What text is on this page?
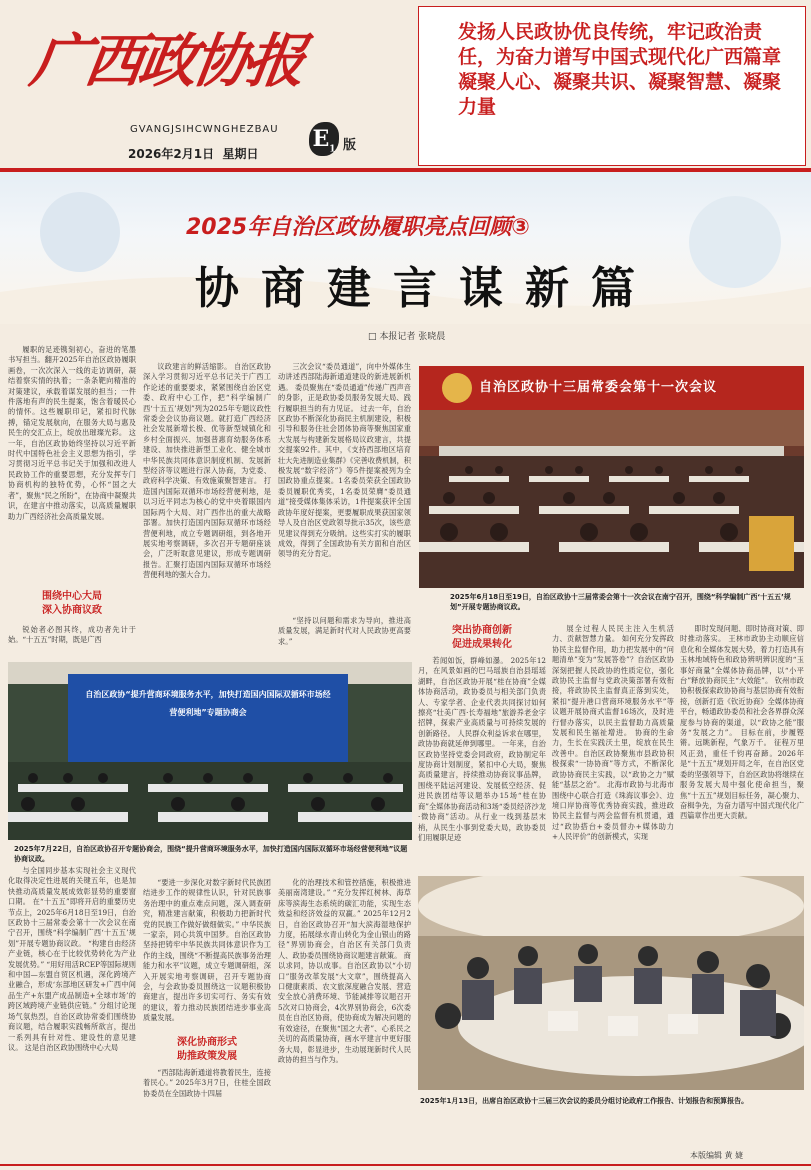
广西政协报
GVANGJSIHCWNGHEZBAU $E_1$ 版
2026年2月1日 星期日
发扬人民政协优良传统，牢记政治责任，为奋力谱写中国式现代化广西篇章凝聚人心、凝聚共识、凝聚智慧、凝聚力量
2025年自治区政协履职亮点回顾③
协商建言谋新篇
□ 本报记者 张晓晨

履职的足迹镌刻初心，奋进的笔墨书写担当。翻开2025年自治区政协履职画卷，一次次深入一线的走访调研，凝结着察实情的执着；一条条靶向精准的对策建议，承载着谋发展的担当；一件件落地有声的民生提案，饱含着暖民心的情怀。这些履职印记，紧扣时代脉搏，锚定发展航向，在服务大局与惠及民生的交汇点上，绽放出璀璨光彩。 这一年，自治区政协始终坚持以习近平新时代中国特色社会主义思想为指引，学习贯彻习近平总书记关于加强和改进人民政协工作的重要思想，充分发挥专门协商机构的独特优势，心怀“国之大者”，聚焦“民之所盼”，在协商中凝聚共识，在建言中推动落实，以高质量履职助力广西经济社会高质量发展。

围绕中心大局
深入协商议政

锐始者必图其终，成功者先计于始。“十五五”时期，既是广西

议政建言的鲜活缩影。 自治区政协深入学习贯彻习近平总书记关于广西工作论述的重要要求，紧紧围绕自治区党委、政府中心工作，把“科学编制广西‘十五五’规划”列为2025年专题议政性常委会会议协商议题。就打造广西经济社会发展新增长极、优等新型城镇化和乡村全面振兴、加强普惠育幼服务体系建设、加快推进新型工业化、健全城市中华民族共同体意识制度机制、发展新型经济等议题进行深入协商，为党委、政府科学决策、有效施策聚智建言。 打造国内国际双循环市场经营便利地，是以习近平同志为核心的党中央着眼国内国际两个大局、对广西作出的重大战略部署。加快打造国内国际双循环市场经营便利地，成立专题调研组，到各地开展实地考察调研，多次召开专题研座谈会，广泛听取意见建议，形成专题调研报告。汇聚打造国内国际双循环市场经营便利地的强大合力。

三次会议“委员通道”，向中外媒体生动讲述西部陆海新通道建设的新进展新机遇。 委员聚焦在“委员通道”传递广西声音的身影，正是政协委员服务发展大局、践行履职担当的有力见证。 过去一年，自治区政协不断深化协商民主机制建设，积极引导和服务住社会团体协商等聚焦国家重大发展与构建新发展格局议政建言，共提交提案92件。其中，《支持西部地区培育壮大先进制造业集群》《完善收费机制，积极发展“数字经济”》等5件提案被列为全国政协重点提案。1名委员荣获全国政协委员履职优秀奖，1名委员荣膺“委员通道”接受媒体集体采访，1件提案获评全国政协年度好提案，更要履职成果获国家领导人及自治区党政领导批示35次，该些意见建议得到充分吸纳。这些实打实的履职成效，得到了全国政协有关方面和自治区领导的充分肯定。

“坚持以问题和需求为导向，推进高质量发展，满足新时代对人民政协更高要求。”

自治区政协十三届常委会第十一次会议
2025年6月18日至19日，自治区政协十三届常委会第十一次会议在南宁召开，围绕“科学编制广西‘十五五’规划”开展专题协商议政。
自治区政协“提升营商环境服务水平，加快打造国内国际双循环市场经营便利地”专题协商会
2025年7月22日，自治区政协召开专题协商会，围绕“提升营商环境服务水平，加快打造国内国际双循环市场经营便利地”议题协商议政。
突出协商创新
促进成果转化

若闻如饭，群峰如瀑。 2025年12月，在风景如画的巴马瑶族自治县瑶瑶湖畔，自治区政协开展“桂在协商”全媒体协商活动，政协委员与相关部门负责人、专家学者、企业代表共同探讨如何擦亮“壮美广西·长寿福地”旅游养老金字招牌，探索产业高质量与可持续发展的创新路径。 人民群众利益诉求在哪里，政协协商就延伸到哪里。 一年来，自治区政协坚持党委会同政府，政协制定年度协商计划制度，紧扣中心大局，聚焦高质量建言，持续推动协商议事品牌，围绕平陆运河建设、发展低空经济、促进民族团结等议题举办15场“桂在协商”全媒体协商活动和3场“委员经济沙龙·微协商”活动。从行业一线到基层末梢，从民生小事到党委大局，政协委员们用履职足迹

展全过程人民民主注入生机活力、贡献智慧力量。 如何充分发挥政协民主监督作用，助力把发展中的“问题清单”变为“发展答卷”？自治区政协深刻把握人民政协的性质定位，强化政协民主监督与党政决策部署有效衔接，将政协民主监督真正落到实处，紧扣“提升港口营商环境服务水平”等议题开展协商式监督16场次，及时进行督办落实，以民主监督助力高质量发展和民生福祉增进。 协商的生命力，生长在实践沃土里，绽放在民生改善中。自治区政协聚焦市县政协积极探索“一协协商”等方式，不断深化政协协商民主实践，以“政协之力”赋能“基层之治”。 北海市政协与北海市围绕中心联合打造《珠海议事会》、边境口岸协商等优秀协商实践，推进政协民主监督与两会监督有机贯通，通过“政协搭台+委员督办+媒体助力+人民评价”的创新模式，实现

即时发现问题、即时协商对策、即时推动落实。 王林市政协主动顺应信息化和全媒体发展大势，着力打造具有玉林地域特色和政协辨明辨识度的“玉事好商量”全媒体协商品牌，以“小平台”释放协商民主“大效能”。 钦州市政协积极探索政协协商与基层协商有效衔接，创新打造《钦近协商》全媒体协商平台，畅通政协委员和社会各界群众深度参与协商的渠道，以“政协之能”服务“发展之力”。 目标在前，步履铿锵。远眺新程，气象万千。 征程万里风正劲，重任千钧再奋蹄。2026年是“十五五”规划开局之年，在自治区党委的坚强领导下，自治区政协将继续在服务发展大局中强化使命担当，聚焦“十五五”规划目标任务，凝心聚力、奋楫争先，为奋力谱写中国式现代化广西篇章作出更大贡献。

与全国同步基本实现社会主义现代化取得决定性进展的关键五年，也是加快推动高质量发展成效彰显势的重要窗口期。 在“十五五”即将开启的重要历史节点上，2025年6月18日至19日，自治区政协十三届常委会第十一次会议在南宁召开，围绕“科学编制广西‘十五五’规划”开展专题协商议政。 “构建自由经济产业链，核心在于比较优势转化为产业发展优势。” “用好用活RCEP等国际规则和中国—东盟自贸区机遇，深化跨境产业融合，形成‘东部地区研发+广西中间品生产+东盟产成品制造+全球市场’的跨区域跨境产业链供应链。” 分组讨论现场气氛热烈，自治区政协常委们围绕协商议题，结合履职实践畅所欲言，提出一系列具有针对性、建设性的意见建议。 这是自治区政协围绕中心大局

“要进一步深化对数字新时代民族团结进步工作的规律性认识，针对民族事务治理中的重点难点问题，深入调查研究，精准建言献策，积极助力把新时代党的民族工作做好做细做实。” 中华民族一家亲，同心共筑中国梦。自治区政协坚持把铸牢中华民族共同体意识作为工作的主线，围绕“不断提高民族事务治理能力和水平”议题，成立专题调研组，深入开展实地考察调研，召开专题协商会，与会政协委员围绕这一议题积极协商建言，提出许多切实可行、务实有效的建议，着力推动民族团结进步事业高质量发展。

深化协商形式
助推政策发展

“西部陆海新通道将教着民生，连接着民心。” 2025年3月7日，住桂全国政协委员在全国政协十四届

化的治理技术和管控措施，积极推进美丽南湾建设。” “充分发挥红树林、海草床等滨海生态系统的碳汇功能，实现生态效益和经济效益的双赢。” 2025年12月2日，自治区政协召开“加大滨海湿地保护力度，拓展绿水青山转化为金山银山的路径”界别协商会，自治区有关部门负责人、政协委员围绕协商议题建言献策。 商以求同，协以成事。自治区政协以“小切口”服务改革发展“大文章”，围绕提高入口健康素质、农文旅深度融合发展、营造安全放心消费环境、节能减排等议题召开5次对口协商会，4次界别协商会，6次委员在自治区协商，使协商成为解决问题的有效途径，在聚焦“国之大者”、心系民之关切的高质量协商，画水平建言中更好服务大局，彰显进步，生动展现新时代人民政协的担当与作为。

2025年1月13日，出席自治区政协十三届三次会议的委员分组讨论政府工作报告、计划报告和预算报告。
本版编辑 黄 婕
